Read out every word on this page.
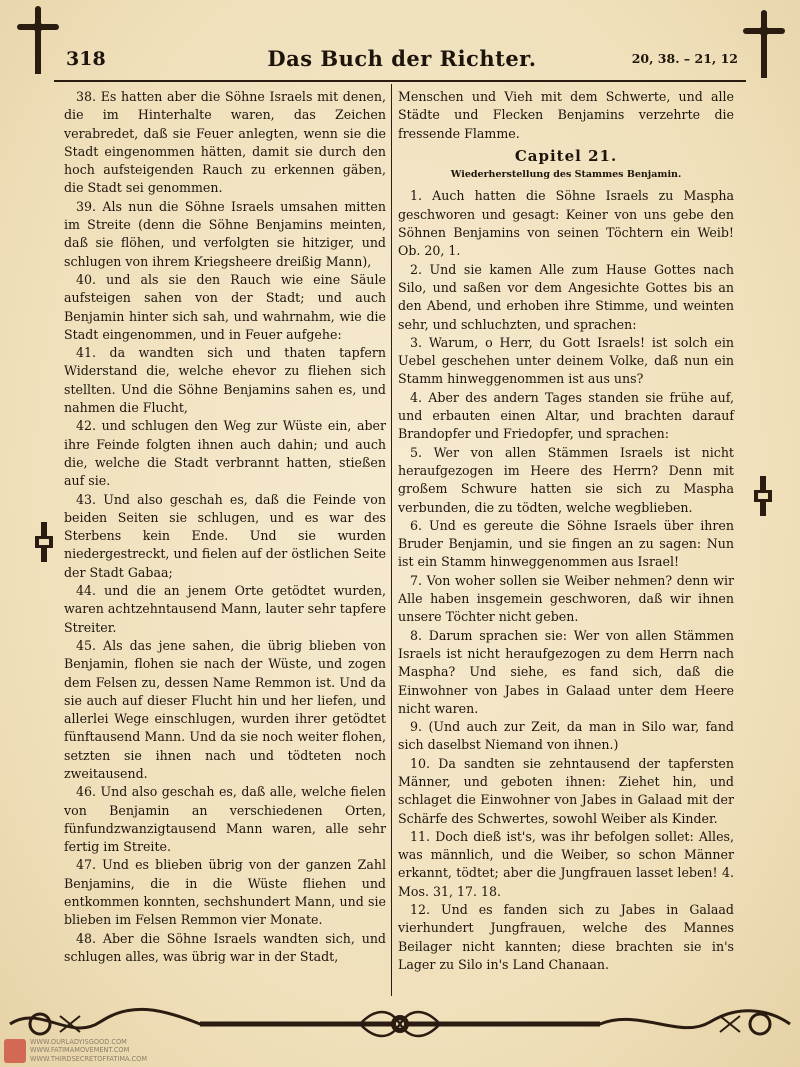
318	Das Buch der Richter.	20, 38. – 21, 12

38. Es hatten aber die Söhne Israels mit denen, die im Hinterhalte waren, das Zeichen verabredet, daß sie Feuer anlegten, wenn sie die Stadt eingenommen hätten, damit sie durch den hoch aufsteigenden Rauch zu erkennen gäben, die Stadt sei genommen.

39. Als nun die Söhne Israels umsahen mitten im Streite (denn die Söhne Benjamins meinten, daß sie flöhen, und verfolgten sie hitziger, und schlugen von ihrem Kriegsheere dreißig Mann),

40. und als sie den Rauch wie eine Säule aufsteigen sahen von der Stadt; und auch Benjamin hinter sich sah, und wahrnahm, wie die Stadt eingenommen, und in Feuer aufgehe:

41. da wandten sich und thaten tapfern Widerstand die, welche ehevor zu fliehen sich stellten. Und die Söhne Benjamins sahen es, und nahmen die Flucht,

42. und schlugen den Weg zur Wüste ein, aber ihre Feinde folgten ihnen auch dahin; und auch die, welche die Stadt verbrannt hatten, stießen auf sie.

43. Und also geschah es, daß die Feinde von beiden Seiten sie schlugen, und es war des Sterbens kein Ende. Und sie wurden niedergestreckt, und fielen auf der östlichen Seite der Stadt Gabaa;

44. und die an jenem Orte getödtet wurden, waren achtzehntausend Mann, lauter sehr tapfere Streiter.

45. Als das jene sahen, die übrig blieben von Benjamin, flohen sie nach der Wüste, und zogen dem Felsen zu, dessen Name Remmon ist. Und da sie auch auf dieser Flucht hin und her liefen, und allerlei Wege einschlugen, wurden ihrer getödtet fünftausend Mann. Und da sie noch weiter flohen, setzten sie ihnen nach und tödteten noch zweitausend.

46. Und also geschah es, daß alle, welche fielen von Benjamin an verschiedenen Orten, fünfundzwanzigtausend Mann waren, alle sehr fertig im Streite.

47. Und es blieben übrig von der ganzen Zahl Benjamins, die in die Wüste fliehen und entkommen konnten, sechshundert Mann, und sie blieben im Felsen Remmon vier Monate.

48. Aber die Söhne Israels wandten sich, und schlugen alles, was übrig war in der Stadt,

Menschen und Vieh mit dem Schwerte, und alle Städte und Flecken Benjamins verzehrte die fressende Flamme.

Capitel 21.
Wiederherstellung des Stammes Benjamin.

1. Auch hatten die Söhne Israels zu Maspha geschworen und gesagt: Keiner von uns gebe den Söhnen Benjamins von seinen Töchtern ein Weib! Ob. 20, 1.

2. Und sie kamen Alle zum Hause Gottes nach Silo, und saßen vor dem Angesichte Gottes bis an den Abend, und erhoben ihre Stimme, und weinten sehr, und schluchzten, und sprachen:

3. Warum, o Herr, du Gott Israels! ist solch ein Uebel geschehen unter deinem Volke, daß nun ein Stamm hinweggenommen ist aus uns?

4. Aber des andern Tages standen sie frühe auf, und erbauten einen Altar, und brachten darauf Brandopfer und Friedopfer, und sprachen:

5. Wer von allen Stämmen Israels ist nicht heraufgezogen im Heere des Herrn? Denn mit großem Schwure hatten sie sich zu Maspha verbunden, die zu tödten, welche wegblieben.

6. Und es gereute die Söhne Israels über ihren Bruder Benjamin, und sie fingen an zu sagen: Nun ist ein Stamm hinweggenommen aus Israel!

7. Von woher sollen sie Weiber nehmen? denn wir Alle haben insgemein geschworen, daß wir ihnen unsere Töchter nicht geben.

8. Darum sprachen sie: Wer von allen Stämmen Israels ist nicht heraufgezogen zu dem Herrn nach Maspha? Und siehe, es fand sich, daß die Einwohner von Jabes in Galaad unter dem Heere nicht waren.

9. (Und auch zur Zeit, da man in Silo war, fand sich daselbst Niemand von ihnen.)

10. Da sandten sie zehntausend der tapfersten Männer, und geboten ihnen: Ziehet hin, und schlaget die Einwohner von Jabes in Galaad mit der Schärfe des Schwertes, sowohl Weiber als Kinder.

11. Doch dieß ist's, was ihr befolgen sollet: Alles, was männlich, und die Weiber, so schon Männer erkannt, tödtet; aber die Jungfrauen lasset leben! 4. Mos. 31, 17. 18.

12. Und es fanden sich zu Jabes in Galaad vierhundert Jungfrauen, welche des Mannes Beilager nicht kannten; diese brachten sie in's Lager zu Silo in's Land Chanaan.

WWW.OURLADYISGOOD.COM
WWW.FATIMAMOVEMENT.COM
WWW.THIRDSECRETOFFATIMA.COM
